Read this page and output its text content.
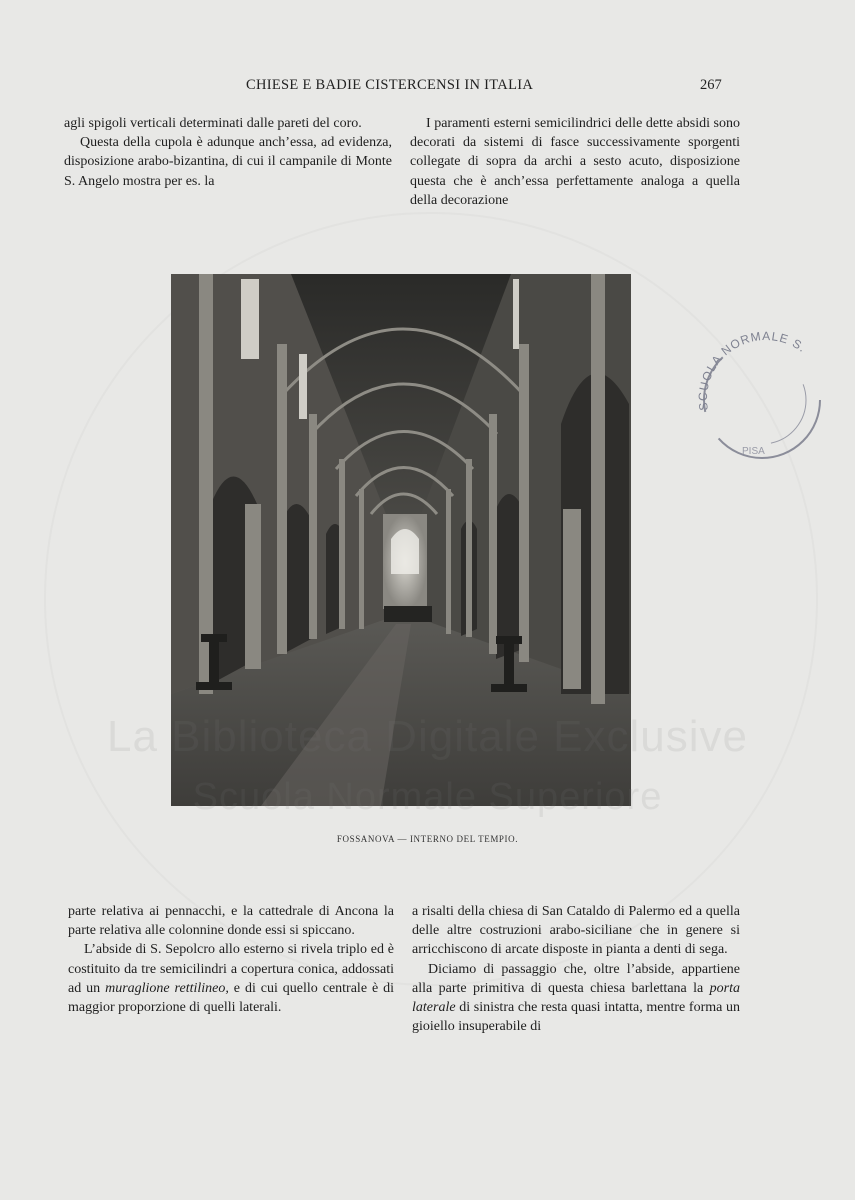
CHIESE E BADIE CISTERCENSI IN ITALIA	267

agli spigoli verticali determinati dalle pareti del coro.

Questa della cupola è adunque anch’essa, ad evidenza, disposizione arabo-bizantina, di cui il campanile di Monte S. Angelo mostra per es. la

I paramenti esterni semicilindrici delle dette absidi sono decorati da sistemi di fasce successivamente sporgenti collegate di sopra da archi a sesto acuto, disposizione questa che è anch’essa perfettamente analoga a quella della decorazione

FOSSANOVA — INTERNO DEL TEMPIO.

parte relativa ai pennacchi, e la cattedrale di Ancona la parte relativa alle colonnine donde essi si spiccano.

L’abside di S. Sepolcro allo esterno si rivela triplo ed è costituito da tre semicilindri a copertura conica, addossati ad un muraglione rettilineo, e di cui quello centrale è di maggior proporzione di quelli laterali.

a risalti della chiesa di San Cataldo di Palermo ed a quella delle altre costruzioni arabo-siciliane che in genere si arricchiscono di arcate disposte in pianta a denti di sega.

Diciamo di passaggio che, oltre l’abside, appartiene alla parte primitiva di questa chiesa barlettana la porta laterale di sinistra che resta quasi intatta, mentre forma un gioiello insuperabile di

SCUOLA NORMALE S.
PISA
La Exclusive
